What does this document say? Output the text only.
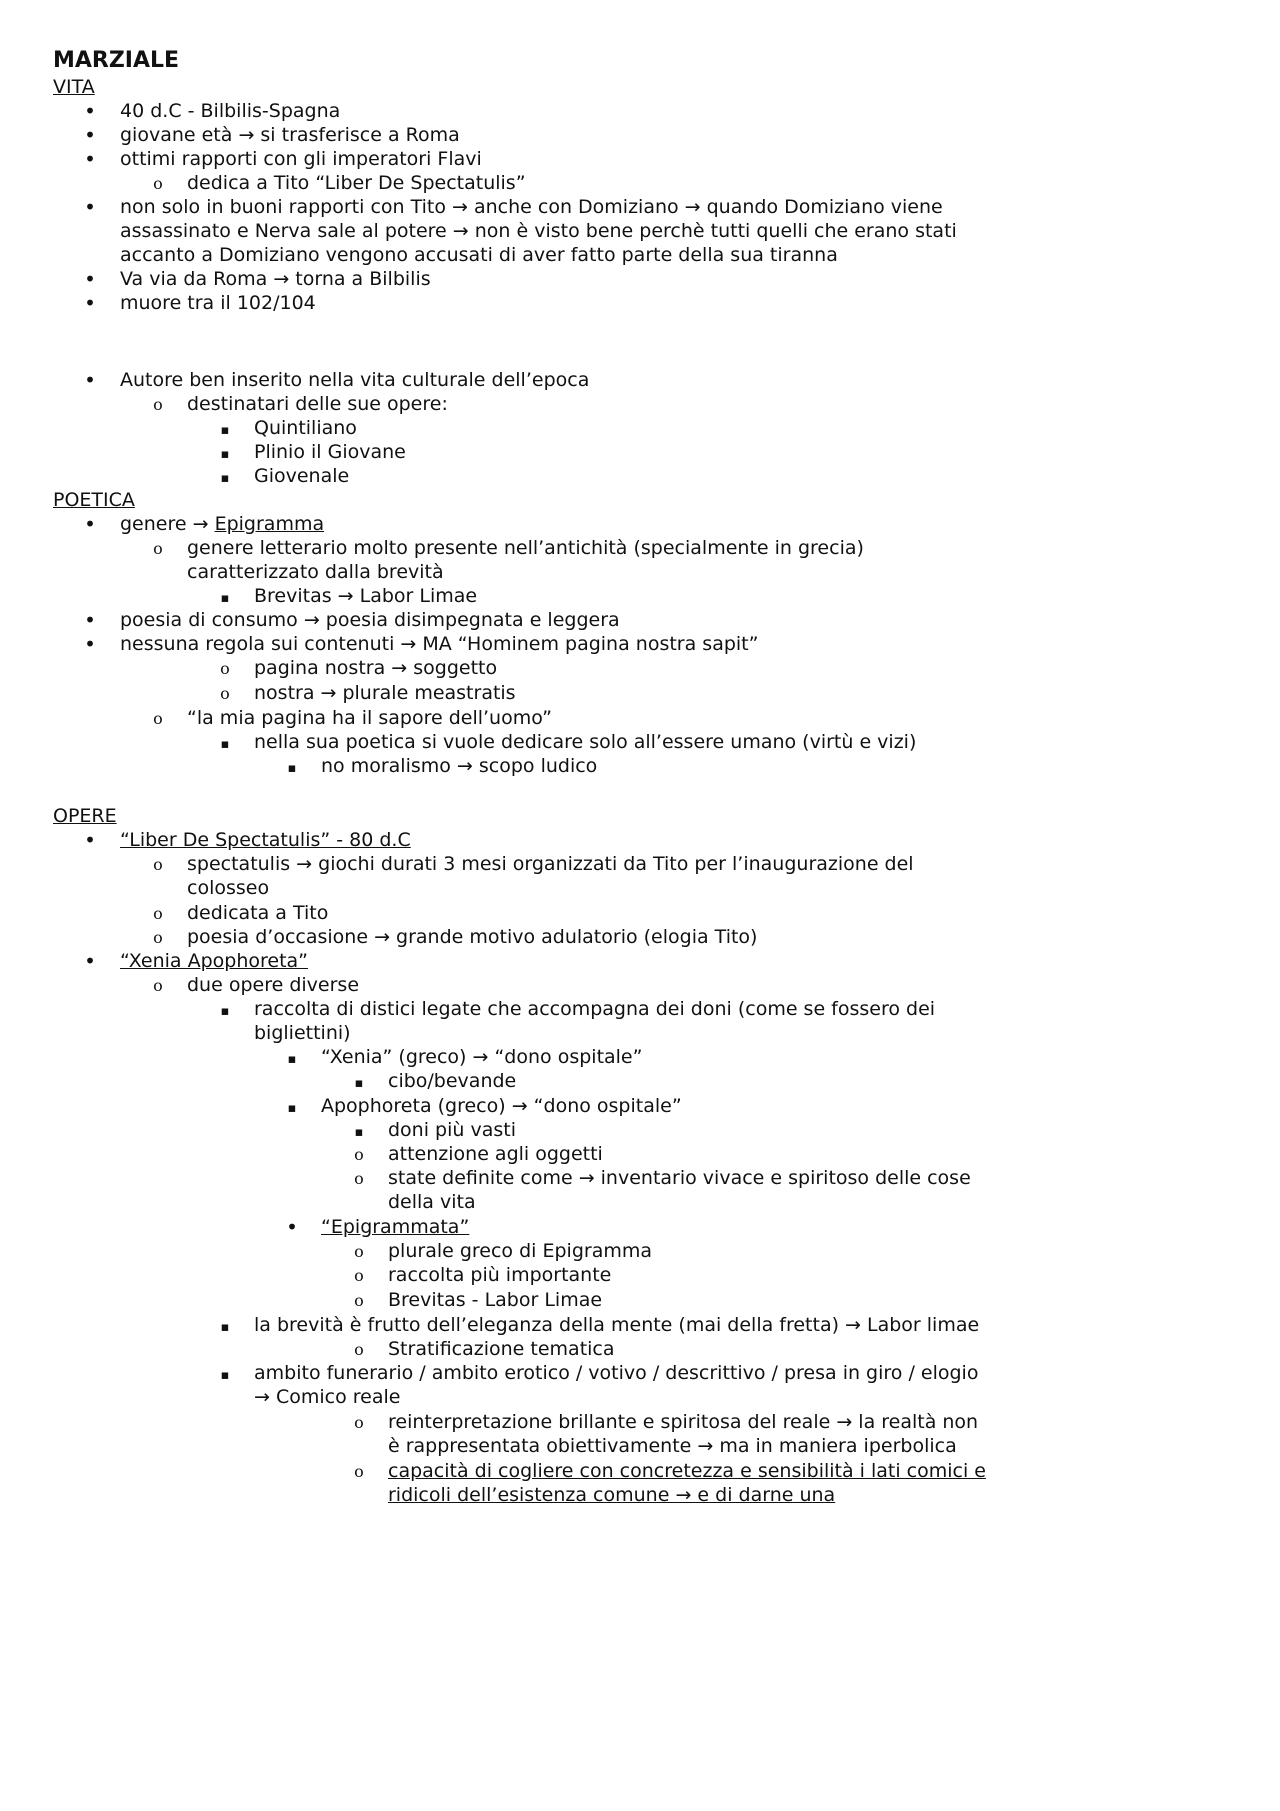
MARZIALE
VITA
•
40 d.C - Bilbilis-Spagna
•
giovane età → si trasferisce a Roma
•
ottimi rapporti con gli imperatori Flavi
o
dedica a Tito “Liber De Spectatulis”
•
non solo in buoni rapporti con Tito → anche con Domiziano → quando Domiziano viene
assassinato e Nerva sale al potere → non è visto bene perchè tutti quelli che erano stati
accanto a Domiziano vengono accusati di aver fatto parte della sua tiranna
•
Va via da Roma → torna a Bilbilis
•
muore tra il 102/104
•
Autore ben inserito nella vita culturale dell’epoca
o
destinatari delle sue opere:
▪
Quintiliano
▪
Plinio il Giovane
▪
Giovenale
POETICA
•
genere → Epigramma
o
genere letterario molto presente nell’antichità (specialmente in grecia)
caratterizzato dalla brevità
▪
Brevitas → Labor Limae
•
poesia di consumo → poesia disimpegnata e leggera
•
nessuna regola sui contenuti → MA “Hominem pagina nostra sapit”
o
pagina nostra → soggetto
o
nostra → plurale meastratis
o
“la mia pagina ha il sapore dell’uomo”
▪
nella sua poetica si vuole dedicare solo all’essere umano (virtù e vizi)
▪
no moralismo → scopo ludico
OPERE
•
“Liber De Spectatulis” - 80 d.C
o
spectatulis → giochi durati 3 mesi organizzati da Tito per l’inaugurazione del
colosseo
o
dedicata a Tito
o
poesia d’occasione → grande motivo adulatorio (elogia Tito)
•
“Xenia Apophoreta”
o
due opere diverse
▪
raccolta di distici legate che accompagna dei doni (come se fossero dei
bigliettini)
▪
“Xenia” (greco) → “dono ospitale”
▪
cibo/bevande
▪
Apophoreta (greco) → “dono ospitale”
▪
doni più vasti
o
attenzione agli oggetti
o
state definite come → inventario vivace e spiritoso delle cose
della vita
•
“Epigrammata”
o
plurale greco di Epigramma
o
raccolta più importante
o
Brevitas - Labor Limae
▪
la brevità è frutto dell’eleganza della mente (mai della fretta) → Labor limae
o
Stratificazione tematica
▪
ambito funerario / ambito erotico / votivo / descrittivo / presa in giro / elogio
→ Comico reale
o
reinterpretazione brillante e spiritosa del reale → la realtà non
è rappresentata obiettivamente → ma in maniera iperbolica
o
capacità di cogliere con concretezza e sensibilità i lati comici e
ridicoli dell’esistenza comune → e di darne una
